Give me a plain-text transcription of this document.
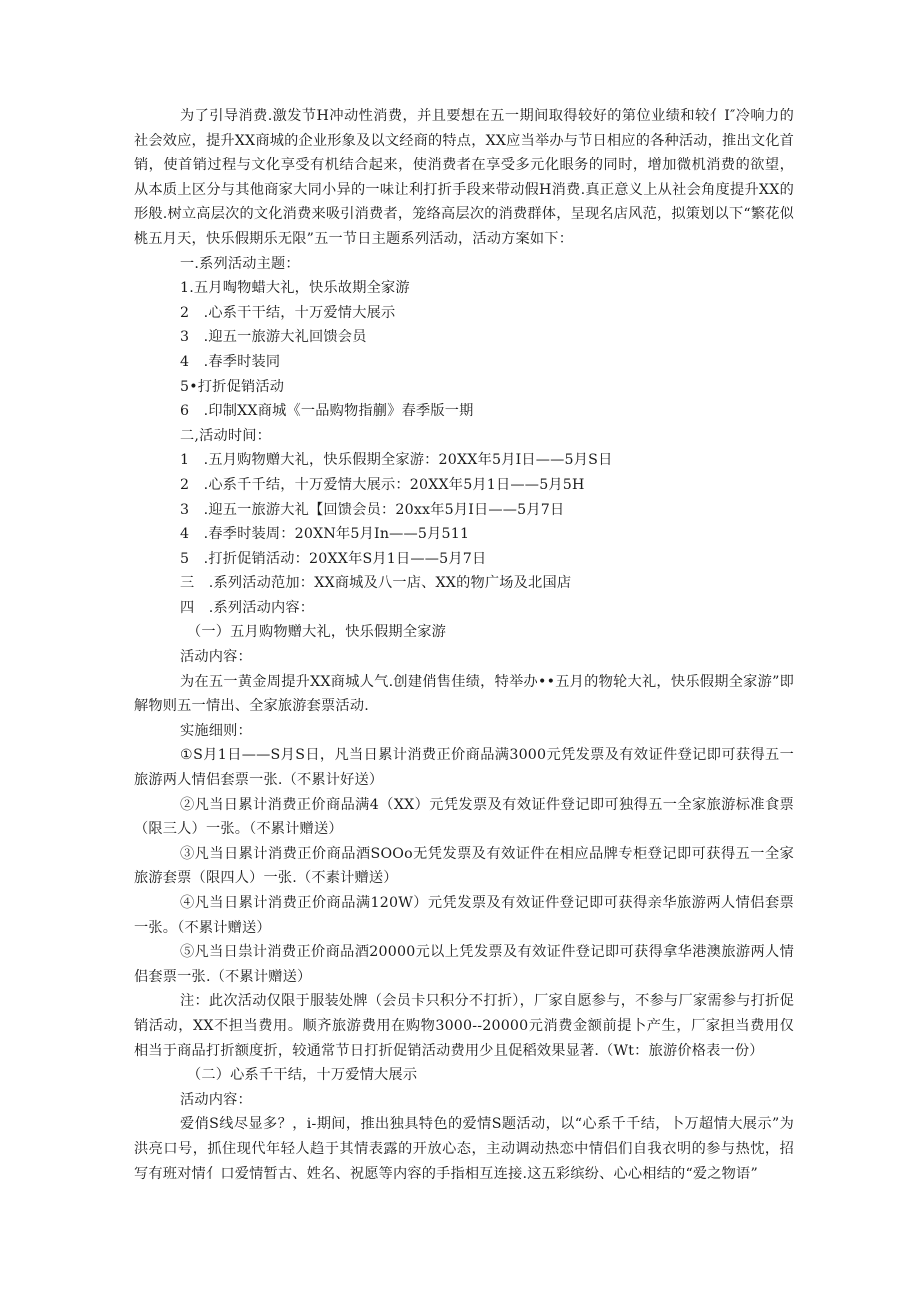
为了引导消费.激发节H冲动性消费，并且要想在五一期间取得较好的第位业绩和较亻I″冷响力的社会效应，提升XX商城的企业形象及以文经商的特点，XX应当举办与节日相应的各种活动，推出文化首销，使首销过程与文化享受有机结合起来，使消费者在享受多元化眼务的同时，增加微机消费的欲望，从本质上区分与其他商家大同小异的一味让利打折手段来带动假H消费.真正意义上从社会角度提升XX的形般.树立高层次的文化消费来吸引消费者，笼络高层次的消费群体，呈现名店风范，拟策划以下“繁花似桃五月天，快乐假期乐无限”五一节日主题系列活动，活动方案如下：

一.系列活动主题：

1.五月啕物蜡大礼，快乐故期全家游

2　.心系干干结，十万爱情大展示

3　.迎五一旅游大礼回馈会员

4　.春季时装同

5•打折促销活动

6　.印制XX商城《一品购物指蒯》春季版一期

二,活动时间：

1　.五月购物赠大礼，快乐假期全家游：20XX年5月I日——5月S日

2　.心系千千结，十万爱情大展示：20XX年5月1日——5月5H

3　.迎五一旅游大礼【回馈会员：20xx年5月I日——5月7日

4　.春季时装周：20XN年5月In——5月511

5　.打折促销活动：20XX年S月1日——5月7日

三　.系列活动范加：XX商城及八一店、XX的物广场及北国店

四　.系列活动内容：

（一）五月购物赠大礼，快乐假期全家游

活动内容：

为在五一黄金周提升XX商城人气.创建俏售佳绩，特举办••五月的物轮大礼，快乐假期全家游”即解物则五一情出、全家旅游套票活动.

实施细则：

①S月1日——S月S日，凡当日累计消费正价商品满3000元凭发票及有效证件登记即可获得五一旅游两人情侣套票一张.（不累计好送）

②凡当日累计消费正价商品满4（XX）元凭发票及有效证件登记即可独得五一全家旅游标准食票（限三人）一张。（不累计赠送）

③凡当日累计消费正价商品酒SOOo无凭发票及有效证件在相应品牌专柜登记即可获得五一全家旅游套票（限四人）一张.（不素计赠送）

④凡当日累计消费正价商品满120W）元凭发票及有效证件登记即可获得亲华旅游两人情侣套票一张。（不累计赠送）

⑤凡当日祟计消费正价商品酒20000元以上凭发票及有效证件登记即可获得拿华港澳旅游两人情侣套票一张.（不累计赠送）

注：此次活动仅限于服装处牌（会员卡只积分不打折），厂家自愿参与，不参与厂家需参与打折促销活动，XX不担当费用。顺齐旅游费用在购物3000--20000元消费金额前提卜产生，厂家担当费用仅相当于商品打折额度折，较通常节日打折促销活动费用少且促稻效果显著.（Wt：旅游价格表一份）

（二）心系千干结，十万爱情大展示

活动内容：

爱俏S线尽显多？，i-期间，推出独具特色的爱情S题活动，以“心系千千结，卜万超情大展示”为洪亮口号，抓住现代年轻人趋于其情表露的开放心态，主动调动热恋中情侣们自我衣明的参与热忱，招写有班对情亻口爱情暂古、姓名、祝愿等内容的手指相互连接.这五彩缤纷、心心相结的“爱之物语”
